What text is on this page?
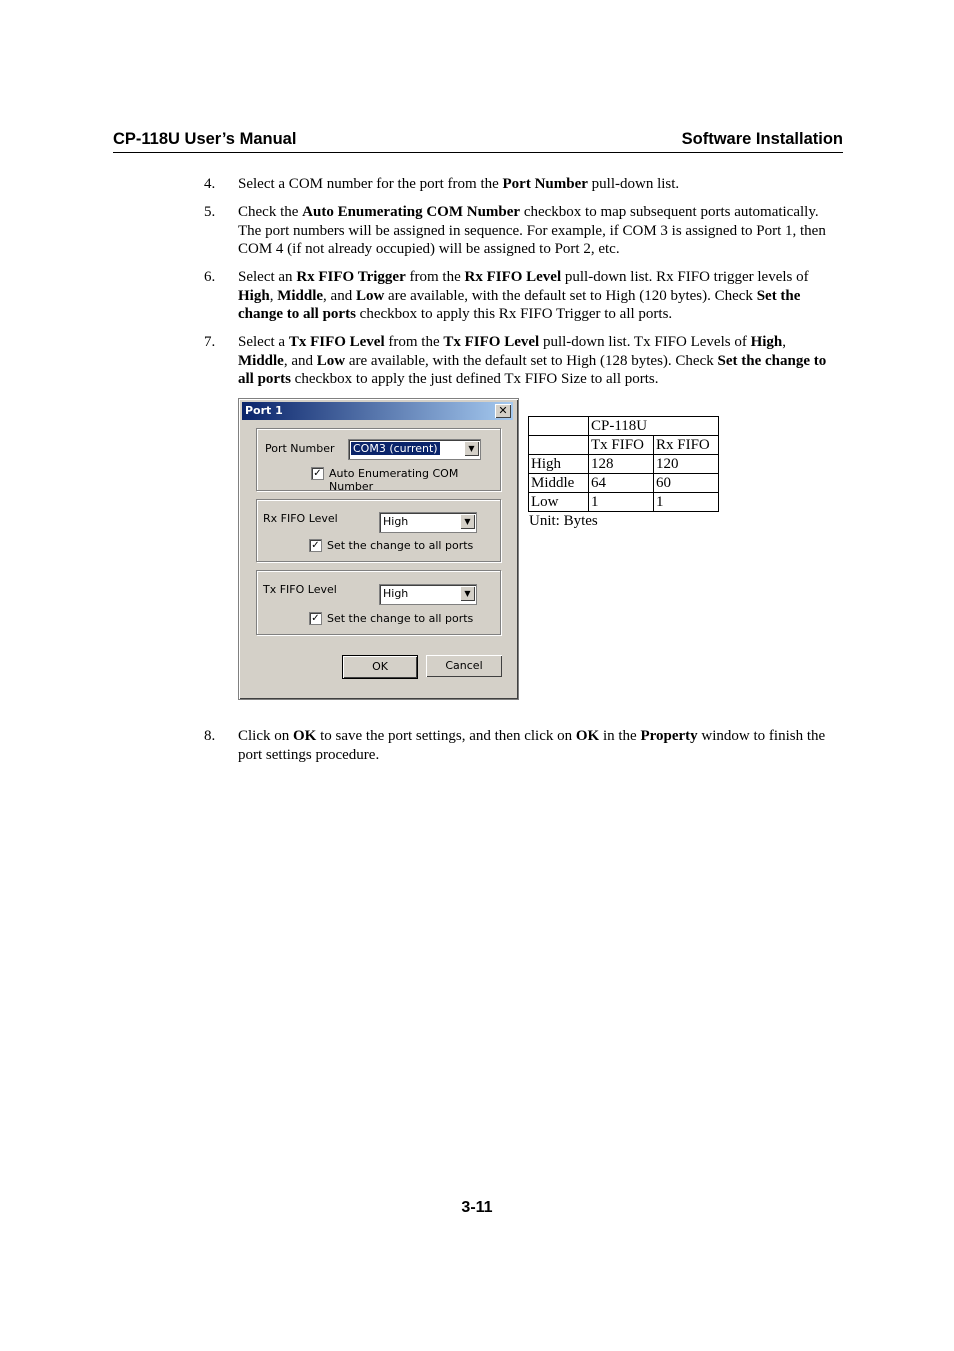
CP-118U User’s Manual	Software Installation
4. Select a COM number for the port from the Port Number pull-down list.
5. Check the Auto Enumerating COM Number checkbox to map subsequent ports automatically. The port numbers will be assigned in sequence. For example, if COM 3 is assigned to Port 1, then COM 4 (if not already occupied) will be assigned to Port 2, etc.
6. Select an Rx FIFO Trigger from the Rx FIFO Level pull-down list. Rx FIFO trigger levels of High, Middle, and Low are available, with the default set to High (120 bytes). Check Set the change to all ports checkbox to apply this Rx FIFO Trigger to all ports.
7. Select a Tx FIFO Level from the Tx FIFO Level pull-down list. Tx FIFO Levels of High, Middle, and Low are available, with the default set to High (128 bytes). Check Set the change to all ports checkbox to apply the just defined Tx FIFO Size to all ports.
Port 1	✕
Port Number COM3 (current)	▼
✓ Auto Enumerating COM Number
Rx FIFO Level	High	▼
✓ Set the change to all ports
Tx FIFO Level	High	▼
✓ Set the change to all ports
OK	Cancel
	CP-118U	
	Tx FIFO	Rx FIFO
High	128	120
Middle	64	60
Low	1	1
Unit: Bytes
8. Click on OK to save the port settings, and then click on OK in the Property window to finish the port settings procedure.
3-11
